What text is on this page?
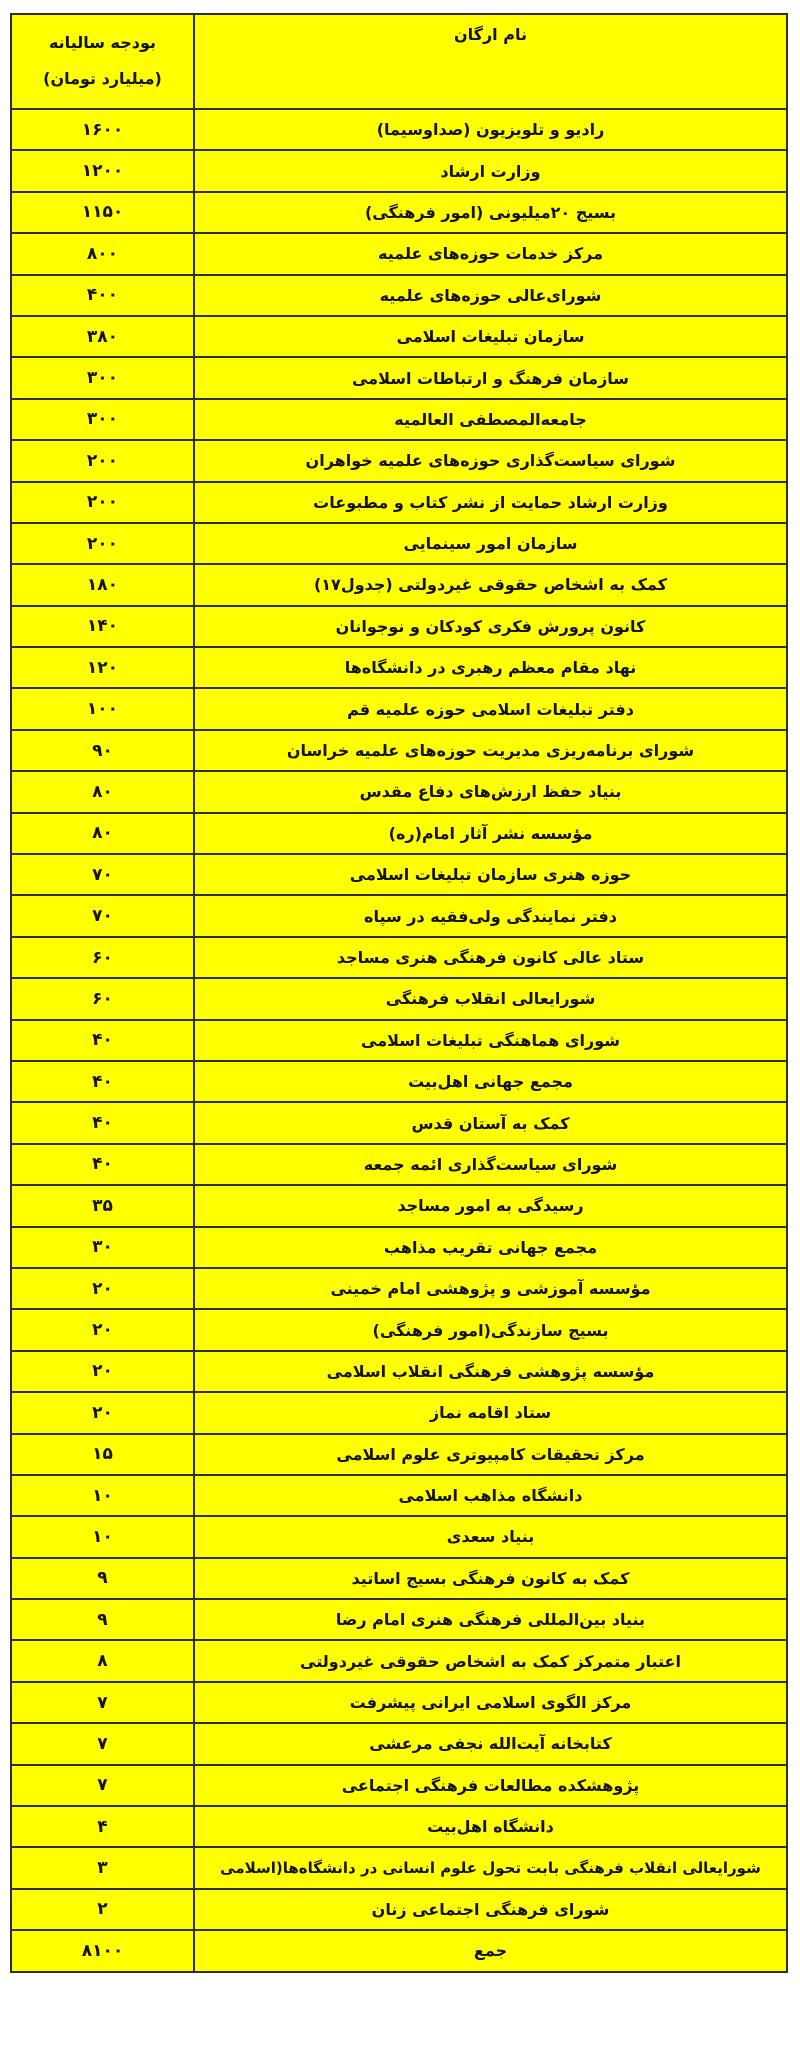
نام ارگان	بودجه سالیانه
(میلیارد تومان)

رادیو و تلویزیون (صداوسیما)	۱۶۰۰
وزارت ارشاد	۱۲۰۰
بسیج ۲۰میلیونی (امور فرهنگی)	۱۱۵۰
مرکز خدمات حوزه‌های علمیه	۸۰۰
شورای‌عالی حوزه‌های علمیه	۴۰۰
سازمان تبلیغات اسلامی	۳۸۰
سازمان فرهنگ و ارتباطات اسلامی	۳۰۰
جامعه‌المصطفی العالمیه	۳۰۰
شورای سیاست‌گذاری حوزه‌های علمیه خواهران	۲۰۰
وزارت ارشاد حمایت از نشر کتاب و مطبوعات	۲۰۰
سازمان امور سینمایی	۲۰۰
کمک به اشخاص حقوقی غیردولتی (جدول۱۷)	۱۸۰
کانون پرورش فکری کودکان و نوجوانان	۱۴۰
نهاد مقام معظم رهبری در دانشگاه‌ها	۱۲۰
دفتر تبلیغات اسلامی حوزه علمیه قم	۱۰۰
شورای برنامه‌ریزی مدیریت حوزه‌های علمیه خراسان	۹۰
بنیاد حفظ ارزش‌های دفاع مقدس	۸۰
مؤسسه نشر آثار امام(ره)	۸۰
حوزه هنری سازمان تبلیغات اسلامی	۷۰
دفتر نمایندگی ولی‌فقیه در سپاه	۷۰
ستاد عالی کانون فرهنگی هنری مساجد	۶۰
شورایعالی انقلاب فرهنگی	۶۰
شورای هماهنگی تبلیغات اسلامی	۴۰
مجمع جهانی اهل‌بیت	۴۰
کمک به آستان قدس	۴۰
شورای سیاست‌گذاری ائمه جمعه	۴۰
رسیدگی به امور مساجد	۳۵
مجمع جهانی تقریب مذاهب	۳۰
مؤسسه آموزشی و پژوهشی امام خمینی	۲۰
بسیج سازندگی(امور فرهنگی)	۲۰
مؤسسه پژوهشی فرهنگی انقلاب اسلامی	۲۰
ستاد اقامه نماز	۲۰
مرکز تحقیقات کامپیوتری علوم اسلامی	۱۵
دانشگاه مذاهب اسلامی	۱۰
بنیاد سعدی	۱۰
کمک به کانون فرهنگی بسیج اساتید	۹
بنیاد بین‌المللی فرهنگی هنری امام رضا	۹
اعتبار متمرکز کمک به اشخاص حقوقی غیردولتی	۸
مرکز الگوی اسلامی ایرانی پیشرفت	۷
کتابخانه آیت‌الله نجفی مرعشی	۷
پژوهشکده مطالعات فرهنگی اجتماعی	۷
دانشگاه اهل‌بیت	۴
شورایعالی انقلاب فرهنگی بابت تحول علوم انسانی در دانشگاه‌ها(اسلامی	۳
شورای فرهنگی اجتماعی زنان	۲
جمع	۸۱۰۰
